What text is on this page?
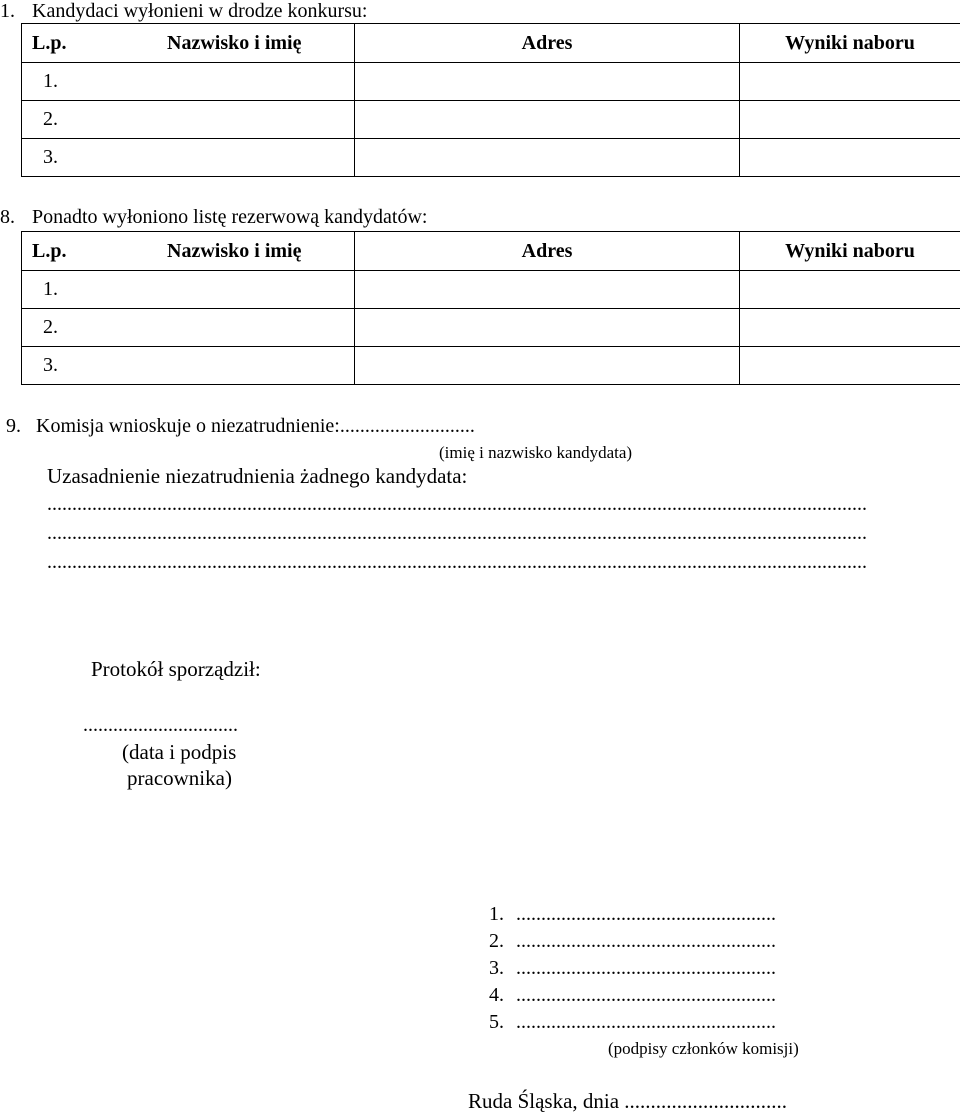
1. Kandydaci wyłonieni w drodze konkursu:
L.p.	Nazwisko i imię	Adres	Wyniki naboru
1.			
2.			
3.			
8. Ponadto wyłoniono listę rezerwową kandydatów:
L.p.	Nazwisko i imię	Adres	Wyniki naboru
1.			
2.			
3.			
9. Komisja wnioskuje o niezatrudnienie:...........................
(imię i nazwisko kandydata)
Uzasadnienie niezatrudnienia żadnego kandydata:
....................................................................................................................................................................
....................................................................................................................................................................
....................................................................................................................................................................
Protokół sporządził:
...............................
(data i podpis
pracownika)
1. ....................................................
2. ....................................................
3. ....................................................
4. ....................................................
5. ....................................................
(podpisy członków komisji)
Ruda Śląska, dnia ...............................
